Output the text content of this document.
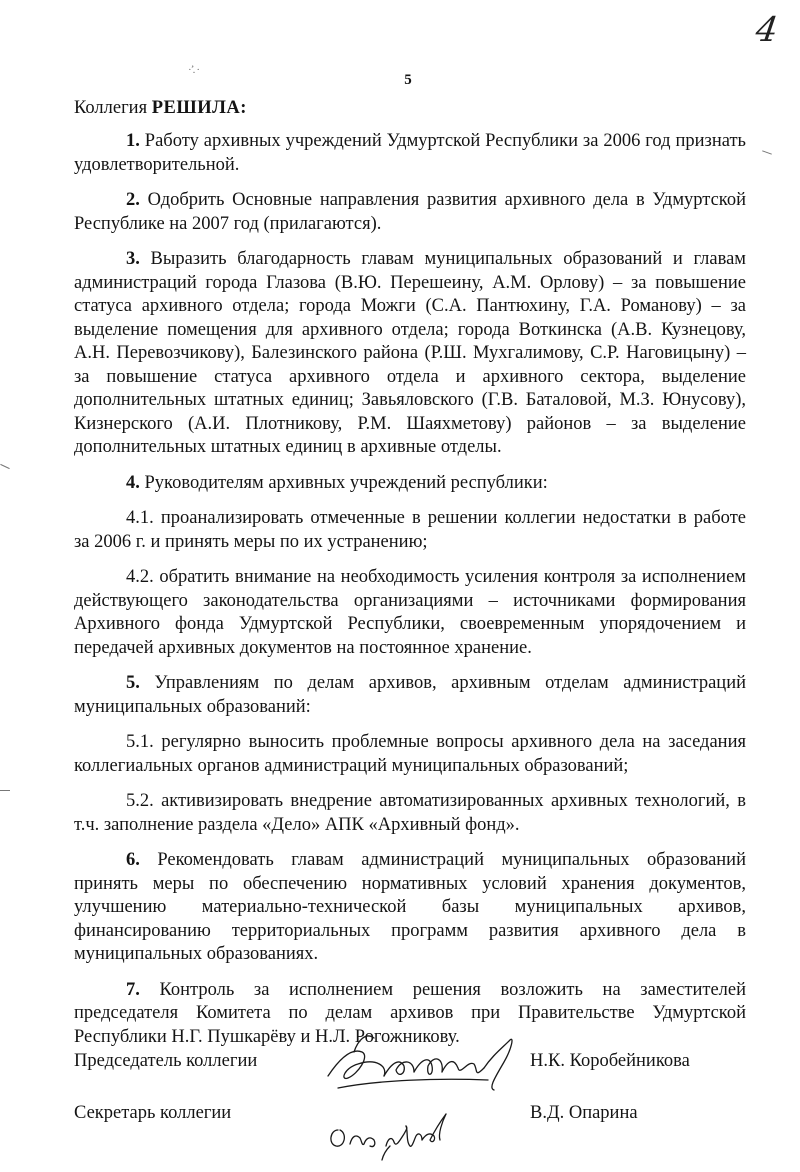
4
·̛.·
5
Коллегия РЕШИЛА:

1. Работу архивных учреждений Удмуртской Республики за 2006 год признать удовлетворительной.

2. Одобрить Основные направления развития архивного дела в Удмуртской Республике на 2007 год (прилагаются).

3. Выразить благодарность главам муниципальных образований и главам администраций города Глазова (В.Ю. Перешеину, А.М. Орлову) – за повышение статуса архивного отдела; города Можги (С.А. Пантюхину, Г.А. Романову) – за выделение помещения для архивного отдела; города Воткинска (А.В. Кузнецову, А.Н. Перевозчикову), Балезинского района (Р.Ш. Мухгалимову, С.Р. Наговицыну) – за повышение статуса архивного отдела и архивного сектора, выделение дополнительных штатных единиц; Завьяловского (Г.В. Баталовой, М.З. Юнусову), Кизнерского (А.И. Плотникову, Р.М. Шаяхметову) районов – за выделение дополнительных штатных единиц в архивные отделы.

4. Руководителям архивных учреждений республики:

4.1. проанализировать отмеченные в решении коллегии недостатки в работе за 2006 г. и принять меры по их устранению;

4.2. обратить внимание на необходимость усиления контроля за исполнением действующего законодательства организациями – источниками формирования Архивного фонда Удмуртской Республики, своевременным упорядочением и передачей архивных документов на постоянное хранение.

5. Управлениям по делам архивов, архивным отделам администраций муниципальных образований:

5.1. регулярно выносить проблемные вопросы архивного дела на заседания коллегиальных органов администраций муниципальных образований;

5.2. активизировать внедрение автоматизированных архивных технологий, в т.ч. заполнение раздела «Дело» АПК «Архивный фонд».

6. Рекомендовать главам администраций муниципальных образований принять меры по обеспечению нормативных условий хранения документов, улучшению материально-технической базы муниципальных архивов, финансированию территориальных программ развития архивного дела в муниципальных образованиях.

7. Контроль за исполнением решения возложить на заместителей председателя Комитета по делам архивов при Правительстве Удмуртской Республики Н.Г. Пушкарёву и Н.Л. Рогожникову.

Председатель коллегии	Н.К. Коробейникова
Секретарь коллегии	В.Д. Опарина
